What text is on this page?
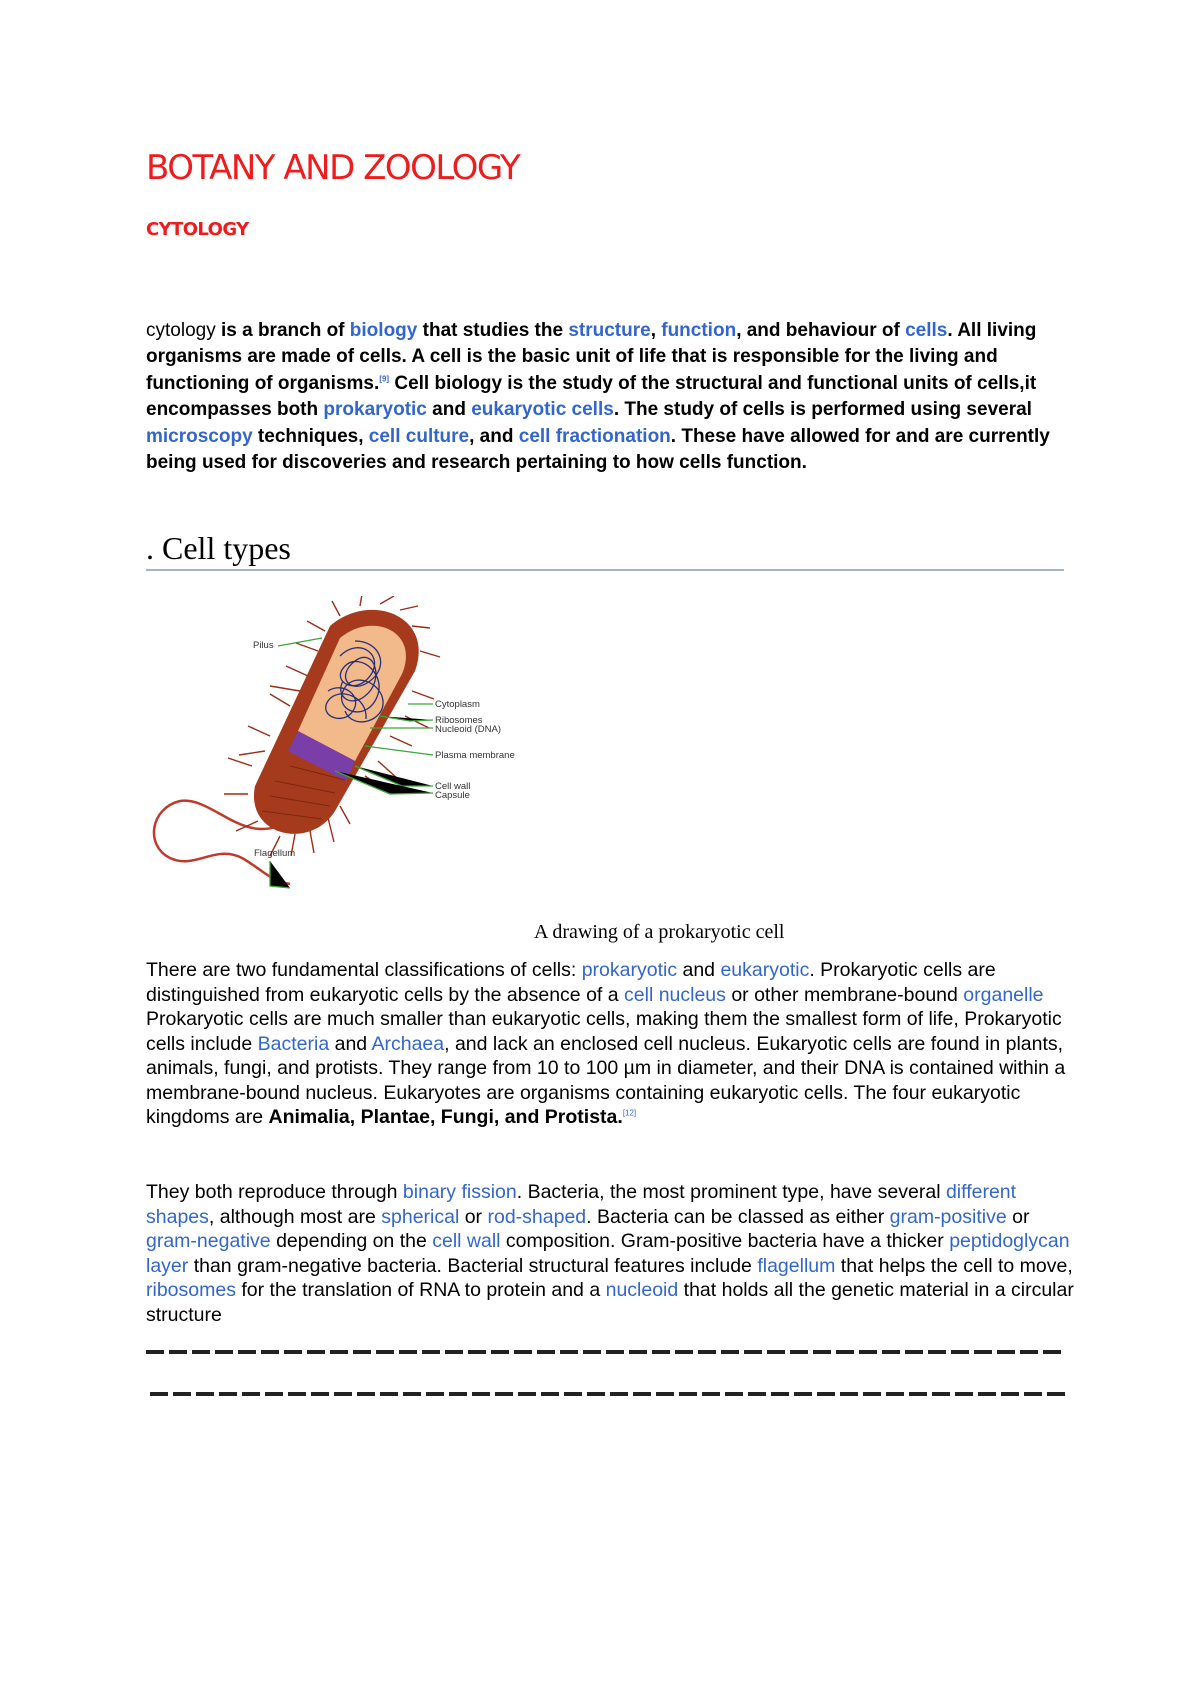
BOTANY AND ZOOLOGY
CYTOLOGY
cytology is a branch of biology that studies the structure, function, and behaviour of cells. All living organisms are made of cells. A cell is the basic unit of life that is responsible for the living and functioning of organisms.[9] Cell biology is the study of the structural and functional units of cells,it encompasses both prokaryotic and eukaryotic cells. The study of cells is performed using several microscopy techniques, cell culture, and cell fractionation. These have allowed for and are currently being used for discoveries and research pertaining to how cells function.
. Cell types
Pilus
Cytoplasm
Ribosomes
Nucleoid (DNA)
Plasma membrane
Cell wall
Capsule
Flagellum
A drawing of a prokaryotic cell
There are two fundamental classifications of cells: prokaryotic and eukaryotic. Prokaryotic cells are distinguished from eukaryotic cells by the absence of a cell nucleus or other membrane-bound organelle Prokaryotic cells are much smaller than eukaryotic cells, making them the smallest form of life, Prokaryotic cells include Bacteria and Archaea, and lack an enclosed cell nucleus. Eukaryotic cells are found in plants, animals, fungi, and protists. They range from 10 to 100 µm in diameter, and their DNA is contained within a membrane-bound nucleus. Eukaryotes are organisms containing eukaryotic cells. The four eukaryotic kingdoms are Animalia, Plantae, Fungi, and Protista.[12]
They both reproduce through binary fission. Bacteria, the most prominent type, have several different shapes, although most are spherical or rod-shaped. Bacteria can be classed as either gram-positive or gram-negative depending on the cell wall composition. Gram-positive bacteria have a thicker peptidoglycan layer than gram-negative bacteria. Bacterial structural features include flagellum that helps the cell to move, ribosomes for the translation of RNA to protein and a nucleoid that holds all the genetic material in a circular structure
